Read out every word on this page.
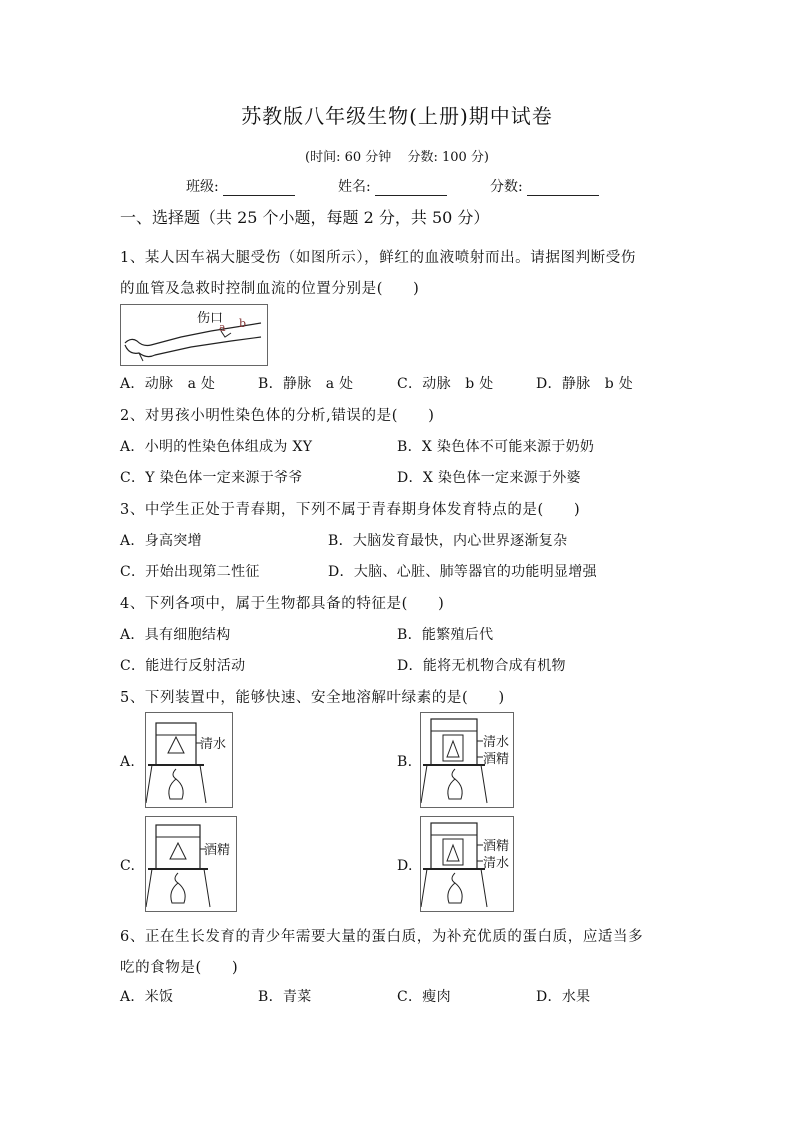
苏教版八年级生物(上册)期中试卷
(时间: 60 分钟 分数: 100 分)
班级:	姓名:	分数:
一、选择题（共 25 个小题，每题 2 分，共 50 分）
1、某人因车祸大腿受伤（如图所示），鲜红的血液喷射而出。请据图判断受伤
的血管及急救时控制血流的位置分别是(　　)
伤口
a b
A．动脉　a 处	B．静脉　a 处	C．动脉　b 处	D．静脉　b 处
2、对男孩小明性染色体的分析,错误的是(　　)
A．小明的性染色体组成为 XY	B．X 染色体不可能来源于奶奶
C．Y 染色体一定来源于爷爷	D．X 染色体一定来源于外婆
3、中学生正处于青春期，下列不属于青春期身体发育特点的是(　　)
A．身高突增	B．大脑发育最快，内心世界逐渐复杂
C．开始出现第二性征	D．大脑、心脏、肺等器官的功能明显增强
4、下列各项中，属于生物都具备的特征是(　　)
A．具有细胞结构	B．能繁殖后代
C．能进行反射活动	D．能将无机物合成有机物
5、下列装置中，能够快速、安全地溶解叶绿素的是(　　)
A.
清水
B.
清水
酒精
C.
酒精
D.
酒精
清水
6、正在生长发育的青少年需要大量的蛋白质，为补充优质的蛋白质，应适当多
吃的食物是(　　)
A．米饭	B．青菜	C．瘦肉	D．水果
